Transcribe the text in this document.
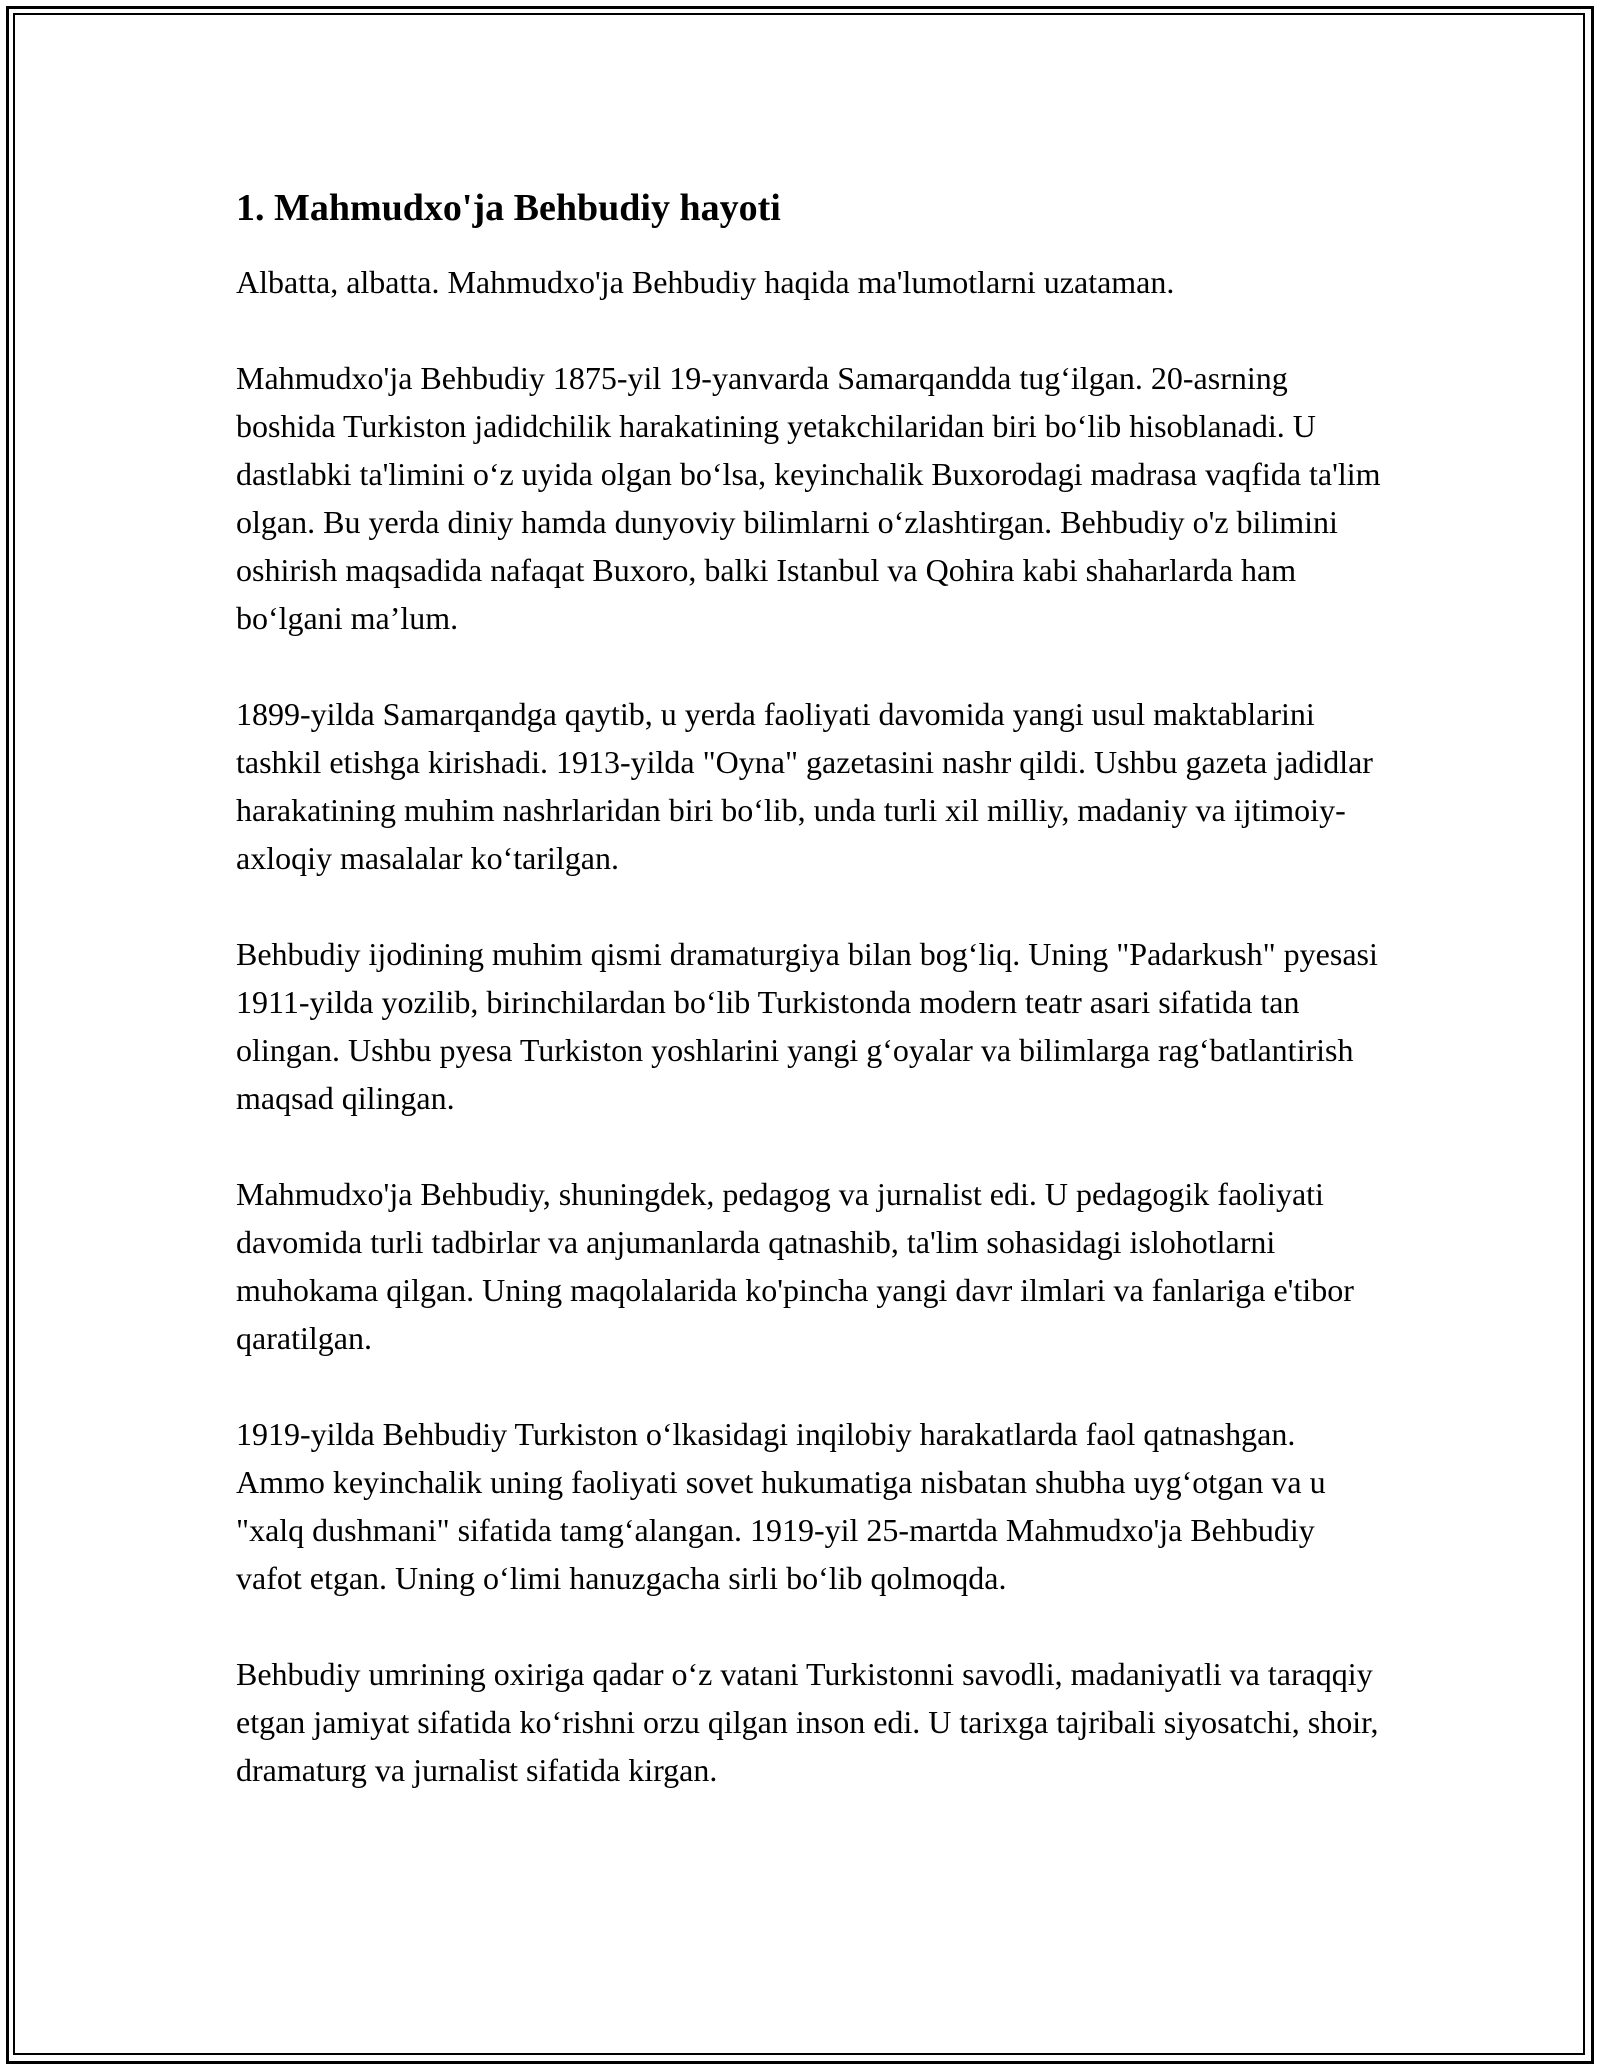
1. Mahmudxo'ja Behbudiy hayoti

Albatta, albatta. Mahmudxo'ja Behbudiy haqida ma'lumotlarni uzataman.

Mahmudxo'ja Behbudiy 1875-yil 19-yanvarda Samarqandda tug‘ilgan. 20-asrning boshida Turkiston jadidchilik harakatining yetakchilaridan biri bo‘lib hisoblanadi. U dastlabki ta'limini o‘z uyida olgan bo‘lsa, keyinchalik Buxorodagi madrasa vaqfida ta'lim olgan. Bu yerda diniy hamda dunyoviy bilimlarni o‘zlashtirgan. Behbudiy o'z bilimini oshirish maqsadida nafaqat Buxoro, balki Istanbul va Qohira kabi shaharlarda ham bo‘lgani ma’lum.

1899-yilda Samarqandga qaytib, u yerda faoliyati davomida yangi usul maktablarini tashkil etishga kirishadi. 1913-yilda "Oyna" gazetasini nashr qildi. Ushbu gazeta jadidlar harakatining muhim nashrlaridan biri bo‘lib, unda turli xil milliy, madaniy va ijtimoiy-axloqiy masalalar ko‘tarilgan.

Behbudiy ijodining muhim qismi dramaturgiya bilan bog‘liq. Uning "Padarkush" pyesasi 1911-yilda yozilib, birinchilardan bo‘lib Turkistonda modern teatr asari sifatida tan olingan. Ushbu pyesa Turkiston yoshlarini yangi g‘oyalar va bilimlarga rag‘batlantirish maqsad qilingan.

Mahmudxo'ja Behbudiy, shuningdek, pedagog va jurnalist edi. U pedagogik faoliyati davomida turli tadbirlar va anjumanlarda qatnashib, ta'lim sohasidagi islohotlarni muhokama qilgan. Uning maqolalarida ko'pincha yangi davr ilmlari va fanlariga e'tibor qaratilgan.

1919-yilda Behbudiy Turkiston o‘lkasidagi inqilobiy harakatlarda faol qatnashgan. Ammo keyinchalik uning faoliyati sovet hukumatiga nisbatan shubha uyg‘otgan va u "xalq dushmani" sifatida tamg‘alangan. 1919-yil 25-martda Mahmudxo'ja Behbudiy vafot etgan. Uning o‘limi hanuzgacha sirli bo‘lib qolmoqda.

Behbudiy umrining oxiriga qadar o‘z vatani Turkistonni savodli, madaniyatli va taraqqiy etgan jamiyat sifatida ko‘rishni orzu qilgan inson edi. U tarixga tajribali siyosatchi, shoir, dramaturg va jurnalist sifatida kirgan.
